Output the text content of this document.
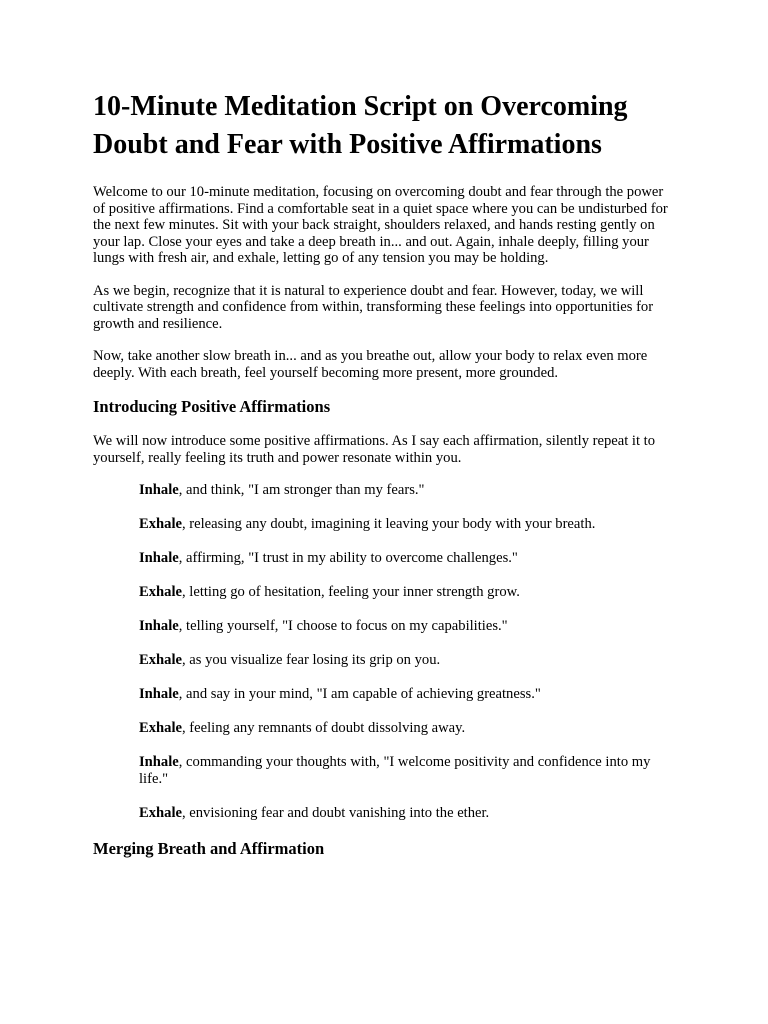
10-Minute Meditation Script on Overcoming Doubt and Fear with Positive Affirmations

Welcome to our 10-minute meditation, focusing on overcoming doubt and fear through the power of positive affirmations. Find a comfortable seat in a quiet space where you can be undisturbed for the next few minutes. Sit with your back straight, shoulders relaxed, and hands resting gently on your lap. Close your eyes and take a deep breath in... and out. Again, inhale deeply, filling your lungs with fresh air, and exhale, letting go of any tension you may be holding.

As we begin, recognize that it is natural to experience doubt and fear. However, today, we will cultivate strength and confidence from within, transforming these feelings into opportunities for growth and resilience.

Now, take another slow breath in... and as you breathe out, allow your body to relax even more deeply. With each breath, feel yourself becoming more present, more grounded.

Introducing Positive Affirmations

We will now introduce some positive affirmations. As I say each affirmation, silently repeat it to yourself, really feeling its truth and power resonate within you.

Inhale, and think, "I am stronger than my fears."

Exhale, releasing any doubt, imagining it leaving your body with your breath.

Inhale, affirming, "I trust in my ability to overcome challenges."

Exhale, letting go of hesitation, feeling your inner strength grow.

Inhale, telling yourself, "I choose to focus on my capabilities."

Exhale, as you visualize fear losing its grip on you.

Inhale, and say in your mind, "I am capable of achieving greatness."

Exhale, feeling any remnants of doubt dissolving away.

Inhale, commanding your thoughts with, "I welcome positivity and confidence into my life."

Exhale, envisioning fear and doubt vanishing into the ether.

Merging Breath and Affirmation
